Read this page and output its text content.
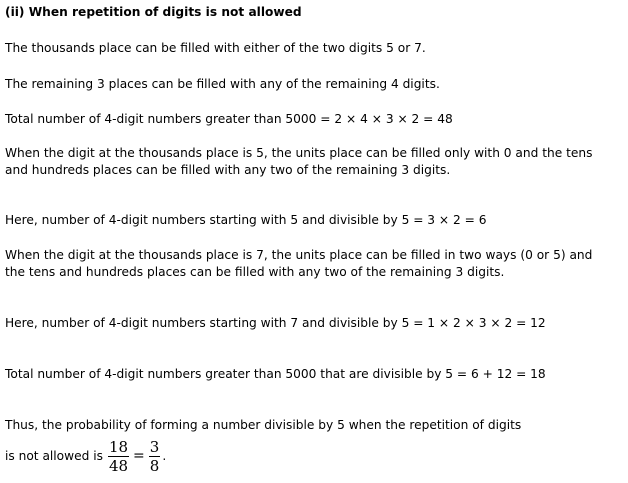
(ii) When repetition of digits is not allowed
The thousands place can be filled with either of the two digits 5 or 7.
The remaining 3 places can be filled with any of the remaining 4 digits.
Total number of 4-digit numbers greater than 5000 = 2 × 4 × 3 × 2 = 48
When the digit at the thousands place is 5, the units place can be filled only with 0 and the tens and hundreds places can be filled with any two of the remaining 3 digits.
Here, number of 4-digit numbers starting with 5 and divisible by 5 = 3 × 2 = 6
When the digit at the thousands place is 7, the units place can be filled in two ways (0 or 5) and the tens and hundreds places can be filled with any two of the remaining 3 digits.
Here, number of 4-digit numbers starting with 7 and divisible by 5 = 1 × 2 × 3 × 2 = 12
Total number of 4-digit numbers greater than 5000 that are divisible by 5 = 6 + 12 = 18
Thus, the probability of forming a number divisible by 5 when the repetition of digits
is not allowed is $\frac{18}{48} = \frac{3}{8}$ .
